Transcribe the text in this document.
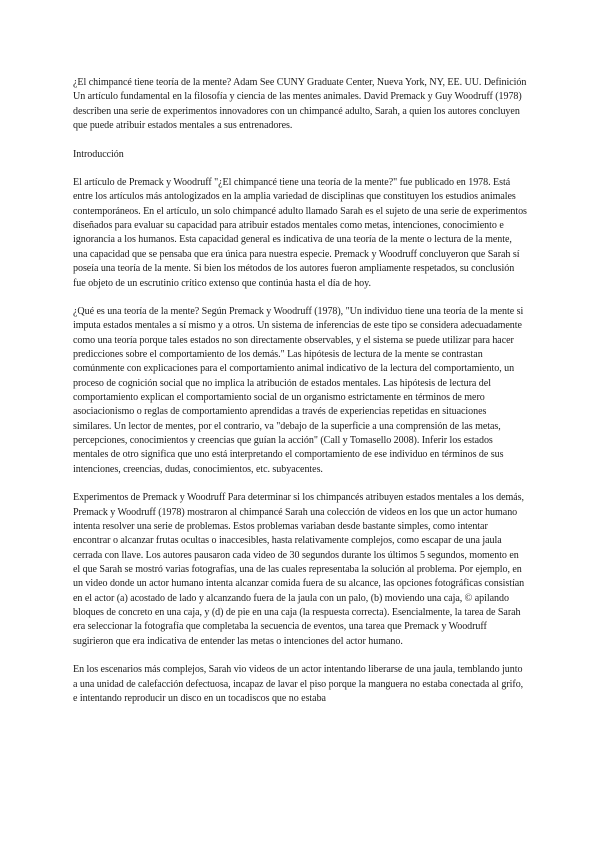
¿El chimpancé tiene teoría de la mente? Adam See CUNY Graduate Center, Nueva York, NY, EE. UU. Definición Un artículo fundamental en la filosofía y ciencia de las mentes animales. David Premack y Guy Woodruff (1978) describen una serie de experimentos innovadores con un chimpancé adulto, Sarah, a quien los autores concluyen que puede atribuir estados mentales a sus entrenadores.

Introducción

El artículo de Premack y Woodruff "¿El chimpancé tiene una teoría de la mente?" fue publicado en 1978. Está entre los artículos más antologizados en la amplia variedad de disciplinas que constituyen los estudios animales contemporáneos. En el artículo, un solo chimpancé adulto llamado Sarah es el sujeto de una serie de experimentos diseñados para evaluar su capacidad para atribuir estados mentales como metas, intenciones, conocimiento e ignorancia a los humanos. Esta capacidad general es indicativa de una teoría de la mente o lectura de la mente, una capacidad que se pensaba que era única para nuestra especie. Premack y Woodruff concluyeron que Sarah sí poseía una teoría de la mente. Si bien los métodos de los autores fueron ampliamente respetados, su conclusión fue objeto de un escrutinio crítico extenso que continúa hasta el día de hoy.

¿Qué es una teoría de la mente? Según Premack y Woodruff (1978), "Un individuo tiene una teoría de la mente si imputa estados mentales a sí mismo y a otros. Un sistema de inferencias de este tipo se considera adecuadamente como una teoría porque tales estados no son directamente observables, y el sistema se puede utilizar para hacer predicciones sobre el comportamiento de los demás." Las hipótesis de lectura de la mente se contrastan comúnmente con explicaciones para el comportamiento animal indicativo de la lectura del comportamiento, un proceso de cognición social que no implica la atribución de estados mentales. Las hipótesis de lectura del comportamiento explican el comportamiento social de un organismo estrictamente en términos de mero asociacionismo o reglas de comportamiento aprendidas a través de experiencias repetidas en situaciones similares. Un lector de mentes, por el contrario, va "debajo de la superficie a una comprensión de las metas, percepciones, conocimientos y creencias que guían la acción" (Call y Tomasello 2008). Inferir los estados mentales de otro significa que uno está interpretando el comportamiento de ese individuo en términos de sus intenciones, creencias, dudas, conocimientos, etc. subyacentes.

Experimentos de Premack y Woodruff Para determinar si los chimpancés atribuyen estados mentales a los demás, Premack y Woodruff (1978) mostraron al chimpancé Sarah una colección de videos en los que un actor humano intenta resolver una serie de problemas. Estos problemas variaban desde bastante simples, como intentar encontrar o alcanzar frutas ocultas o inaccesibles, hasta relativamente complejos, como escapar de una jaula cerrada con llave. Los autores pausaron cada video de 30 segundos durante los últimos 5 segundos, momento en el que Sarah se mostró varias fotografías, una de las cuales representaba la solución al problema. Por ejemplo, en un video donde un actor humano intenta alcanzar comida fuera de su alcance, las opciones fotográficas consistían en el actor (a) acostado de lado y alcanzando fuera de la jaula con un palo, (b) moviendo una caja, © apilando bloques de concreto en una caja, y (d) de pie en una caja (la respuesta correcta). Esencialmente, la tarea de Sarah era seleccionar la fotografía que completaba la secuencia de eventos, una tarea que Premack y Woodruff sugirieron que era indicativa de entender las metas o intenciones del actor humano.

En los escenarios más complejos, Sarah vio videos de un actor intentando liberarse de una jaula, temblando junto a una unidad de calefacción defectuosa, incapaz de lavar el piso porque la manguera no estaba conectada al grifo, e intentando reproducir un disco en un tocadiscos que no estaba
